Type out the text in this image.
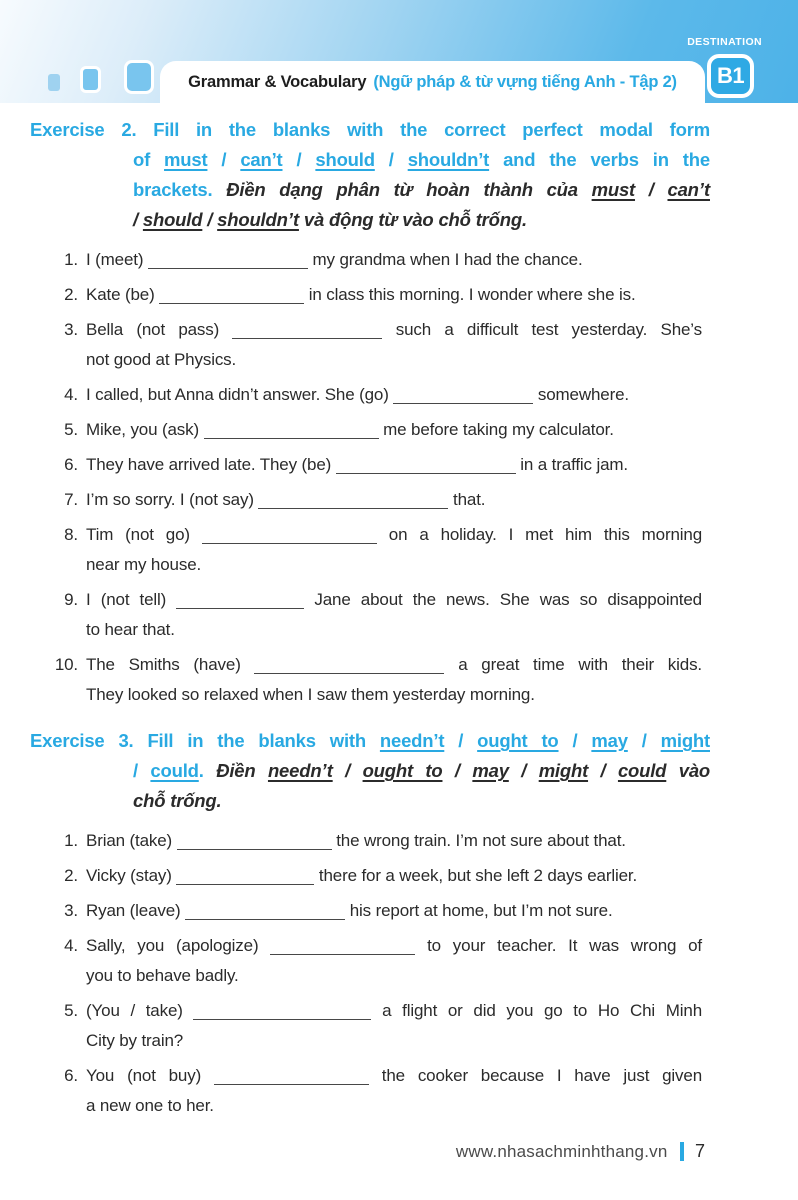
Grammar & Vocabulary (Ngữ pháp & từ vựng tiếng Anh - Tập 2)
DESTINATION
B1
Exercise 2. Fill in the blanks with the correct perfect modal form
of must / can’t / should / shouldn’t and the verbs in the
brackets. Điền dạng phân từ hoàn thành của must / can’t
/ should / shouldn’t và động từ vào chỗ trống.
1. I (meet)	my grandma when I had the chance.
2. Kate (be)	in class this morning. I wonder where she is.
3. Bella (not pass)	such a difficult test yesterday. She’s
not good at Physics.
4. I called, but Anna didn’t answer. She (go)	somewhere.
5. Mike, you (ask)	me before taking my calculator.
6. They have arrived late. They (be)	in a traffic jam.
7. I’m so sorry. I (not say)	that.
8. Tim (not go)	on a holiday. I met him this morning
near my house.
9. I (not tell)	Jane about the news. She was so disappointed
to hear that.
10. The Smiths (have)	a great time with their kids.
They looked so relaxed when I saw them yesterday morning.
Exercise 3. Fill in the blanks with needn’t / ought to / may / might
/ could. Điền needn’t / ought to / may / might / could vào
chỗ trống.
1. Brian (take)	the wrong train. I’m not sure about that.
2. Vicky (stay)	there for a week, but she left 2 days earlier.
3. Ryan (leave)	his report at home, but I’m not sure.
4. Sally, you (apologize)	to your teacher. It was wrong of
you to behave badly.
5. (You / take)	a flight or did you go to Ho Chi Minh
City by train?
6. You (not buy)	the cooker because I have just given
a new one to her.
www.nhasachminhthang.vn 7
